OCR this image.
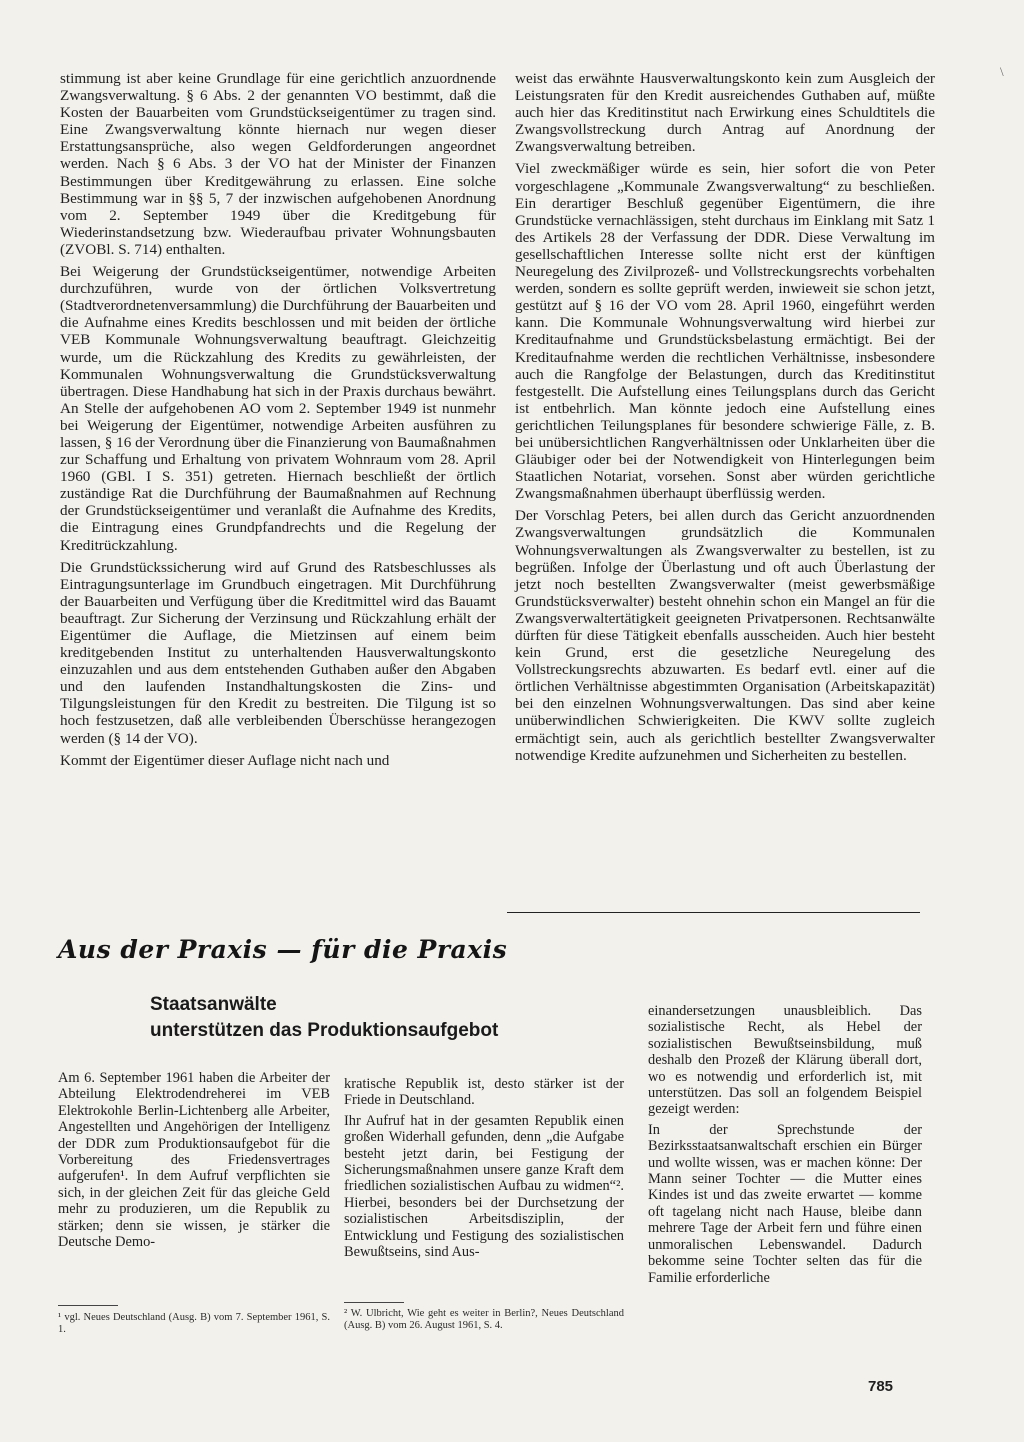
\

stimmung ist aber keine Grundlage für eine gerichtlich anzuordnende Zwangsverwaltung. § 6 Abs. 2 der genannten VO bestimmt, daß die Kosten der Bauarbeiten vom Grundstückseigentümer zu tragen sind. Eine Zwangsverwaltung könnte hiernach nur wegen dieser Erstattungsansprüche, also wegen Geldforderungen angeordnet werden. Nach § 6 Abs. 3 der VO hat der Minister der Finanzen Bestimmungen über Kreditgewährung zu erlassen. Eine solche Bestimmung war in §§ 5, 7 der inzwischen aufgehobenen Anordnung vom 2. September 1949 über die Kreditgebung für Wiederinstandsetzung bzw. Wiederaufbau privater Wohnungsbauten (ZVOBl. S. 714) enthalten.

Bei Weigerung der Grundstückseigentümer, notwendige Arbeiten durchzuführen, wurde von der örtlichen Volksvertretung (Stadtverordnetenversammlung) die Durchführung der Bauarbeiten und die Aufnahme eines Kredits beschlossen und mit beiden der örtliche VEB Kommunale Wohnungsverwaltung beauftragt. Gleichzeitig wurde, um die Rückzahlung des Kredits zu gewährleisten, der Kommunalen Wohnungsverwaltung die Grundstücksverwaltung übertragen. Diese Handhabung hat sich in der Praxis durchaus bewährt. An Stelle der aufgehobenen AO vom 2. September 1949 ist nunmehr bei Weigerung der Eigentümer, notwendige Arbeiten ausführen zu lassen, § 16 der Verordnung über die Finanzierung von Baumaßnahmen zur Schaffung und Erhaltung von privatem Wohnraum vom 28. April 1960 (GBl. I S. 351) getreten. Hiernach beschließt der örtlich zuständige Rat die Durchführung der Baumaßnahmen auf Rechnung der Grundstückseigentümer und veranlaßt die Aufnahme des Kredits, die Eintragung eines Grundpfandrechts und die Regelung der Kreditrückzahlung.

Die Grundstückssicherung wird auf Grund des Ratsbeschlusses als Eintragungsunterlage im Grundbuch eingetragen. Mit Durchführung der Bauarbeiten und Verfügung über die Kreditmittel wird das Bauamt beauftragt. Zur Sicherung der Verzinsung und Rückzahlung erhält der Eigentümer die Auflage, die Mietzinsen auf einem beim kreditgebenden Institut zu unterhaltenden Hausverwaltungskonto einzuzahlen und aus dem entstehenden Guthaben außer den Abgaben und den laufenden Instandhaltungskosten die Zins- und Tilgungsleistungen für den Kredit zu bestreiten. Die Tilgung ist so hoch festzusetzen, daß alle verbleibenden Überschüsse herangezogen werden (§ 14 der VO).

Kommt der Eigentümer dieser Auflage nicht nach und

weist das erwähnte Hausverwaltungskonto kein zum Ausgleich der Leistungsraten für den Kredit ausreichendes Guthaben auf, müßte auch hier das Kreditinstitut nach Erwirkung eines Schuldtitels die Zwangsvollstreckung durch Antrag auf Anordnung der Zwangsverwaltung betreiben.

Viel zweckmäßiger würde es sein, hier sofort die von Peter vorgeschlagene „Kommunale Zwangsverwaltung“ zu beschließen. Ein derartiger Beschluß gegenüber Eigentümern, die ihre Grundstücke vernachlässigen, steht durchaus im Einklang mit Satz 1 des Artikels 28 der Verfassung der DDR. Diese Verwaltung im gesellschaftlichen Interesse sollte nicht erst der künftigen Neuregelung des Zivilprozeß- und Vollstreckungsrechts vorbehalten werden, sondern es sollte geprüft werden, inwieweit sie schon jetzt, gestützt auf § 16 der VO vom 28. April 1960, eingeführt werden kann. Die Kommunale Wohnungsverwaltung wird hierbei zur Kreditaufnahme und Grundstücksbelastung ermächtigt. Bei der Kreditaufnahme werden die rechtlichen Verhältnisse, insbesondere auch die Rangfolge der Belastungen, durch das Kreditinstitut festgestellt. Die Aufstellung eines Teilungsplans durch das Gericht ist entbehrlich. Man könnte jedoch eine Aufstellung eines gerichtlichen Teilungsplanes für besondere schwierige Fälle, z. B. bei unübersichtlichen Rangverhältnissen oder Unklarheiten über die Gläubiger oder bei der Notwendigkeit von Hinterlegungen beim Staatlichen Notariat, vorsehen. Sonst aber würden gerichtliche Zwangsmaßnahmen überhaupt überflüssig werden.

Der Vorschlag Peters, bei allen durch das Gericht anzuordnenden Zwangsverwaltungen grundsätzlich die Kommunalen Wohnungsverwaltungen als Zwangsverwalter zu bestellen, ist zu begrüßen. Infolge der Überlastung und oft auch Überlastung der jetzt noch bestellten Zwangsverwalter (meist gewerbsmäßige Grundstücksverwalter) besteht ohnehin schon ein Mangel an für die Zwangsverwaltertätigkeit geeigneten Privatpersonen. Rechtsanwälte dürften für diese Tätigkeit ebenfalls ausscheiden. Auch hier besteht kein Grund, erst die gesetzliche Neuregelung des Vollstreckungsrechts abzuwarten. Es bedarf evtl. einer auf die örtlichen Verhältnisse abgestimmten Organisation (Arbeitskapazität) bei den einzelnen Wohnungsverwaltungen. Das sind aber keine unüberwindlichen Schwierigkeiten. Die KWV sollte zugleich ermächtigt sein, auch als gerichtlich bestellter Zwangsverwalter notwendige Kredite aufzunehmen und Sicherheiten zu bestellen.

Aus der Praxis — für die Praxis
Staatsanwälte
unterstützen das Produktionsaufgebot

Am 6. September 1961 haben die Arbeiter der Abteilung Elektrodendreherei im VEB Elektrokohle Berlin-Lichtenberg alle Arbeiter, Angestellten und Angehörigen der Intelligenz der DDR zum Produktionsaufgebot für die Vorbereitung des Friedensvertrages aufgerufen¹. In dem Aufruf verpflichten sie sich, in der gleichen Zeit für das gleiche Geld mehr zu produzieren, um die Republik zu stärken; denn sie wissen, je stärker die Deutsche Demo-

kratische Republik ist, desto stärker ist der Friede in Deutschland.

Ihr Aufruf hat in der gesamten Republik einen großen Widerhall gefunden, denn „die Aufgabe besteht jetzt darin, bei Festigung der Sicherungsmaßnahmen unsere ganze Kraft dem friedlichen sozialistischen Aufbau zu widmen“². Hierbei, besonders bei der Durchsetzung der sozialistischen Arbeitsdisziplin, der Entwicklung und Festigung des sozialistischen Bewußtseins, sind Aus-

einandersetzungen unausbleiblich. Das sozialistische Recht, als Hebel der sozialistischen Bewußtseinsbildung, muß deshalb den Prozeß der Klärung überall dort, wo es notwendig und erforderlich ist, mit unterstützen. Das soll an folgendem Beispiel gezeigt werden:

In der Sprechstunde der Bezirksstaatsanwaltschaft erschien ein Bürger und wollte wissen, was er machen könne: Der Mann seiner Tochter — die Mutter eines Kindes ist und das zweite erwartet — komme oft tagelang nicht nach Hause, bleibe dann mehrere Tage der Arbeit fern und führe einen unmoralischen Lebenswandel. Dadurch bekomme seine Tochter selten das für die Familie erforderliche

¹ vgl. Neues Deutschland (Ausg. B) vom 7. September 1961, S. 1.
² W. Ulbricht, Wie geht es weiter in Berlin?, Neues Deutschland (Ausg. B) vom 26. August 1961, S. 4.
785
